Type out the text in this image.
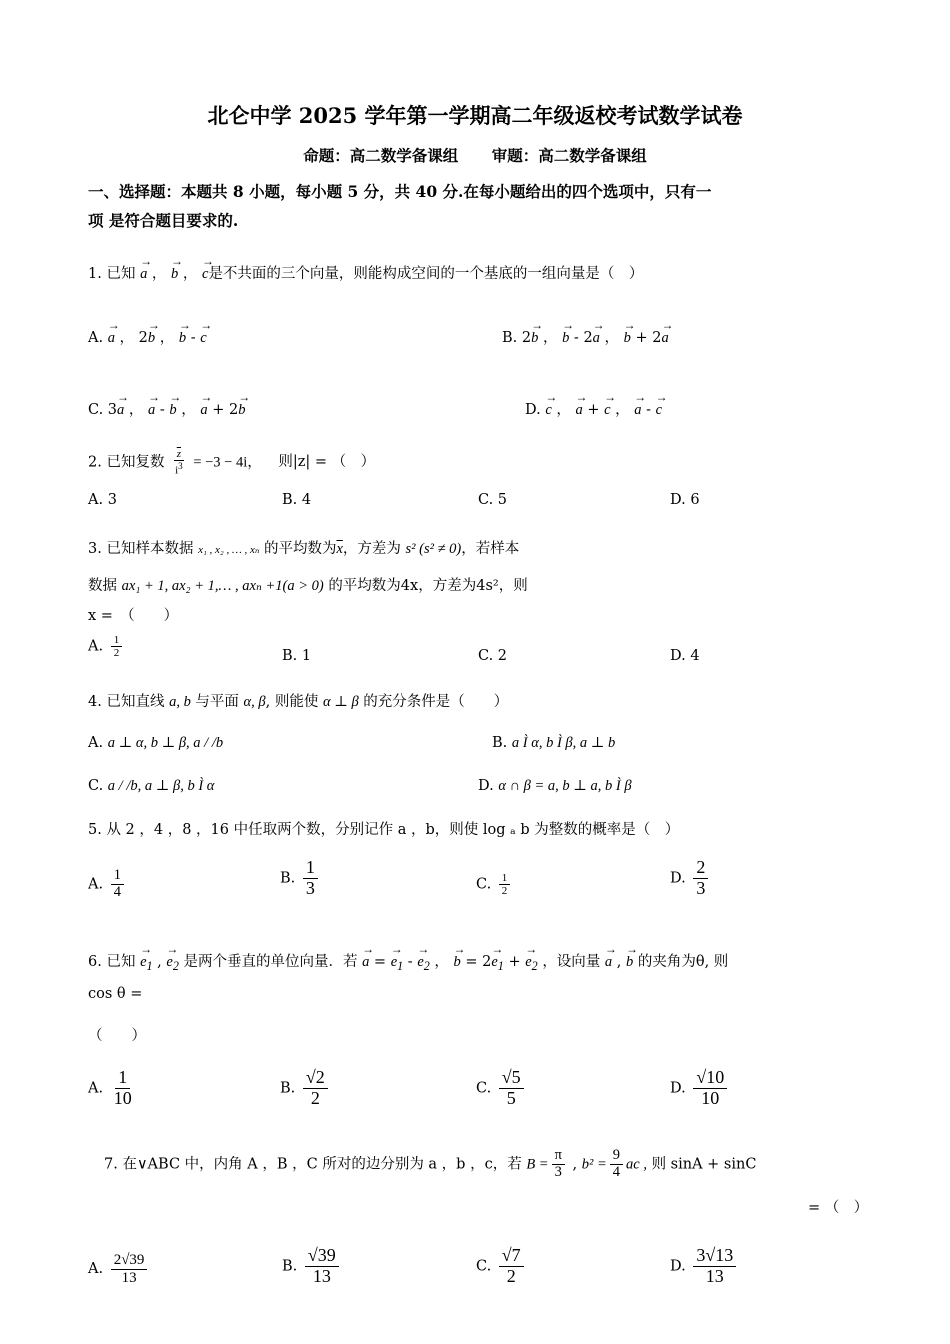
北仑中学 2025 学年第一学期高二年级返校考试数学试卷
命题：高二数学备课组 审题：高二数学备课组
一、选择题：本题共 8 小题，每小题 5 分，共 40 分.在每小题给出的四个选项中，只有一
项 是符合题目要求的.
1. 已知 → a ， → b ， → c是不共面的三个向量，则能构成空间的一个基底的一组向量是（　）
A. → a ， 2→ b ， → b - → c	B. 2→ b ， → b - 2→ a ， → b + 2→ a
C. 3→ a ， → a - → b ， → a + 2→ b	D. → c ， → a + → c ， → a - → c
2. 已知复数 $\frac{\overline{z}}{i^3} = -3 - 4i$， 则|z| = （　）
A. 3	B. 4	C. 5	D. 6
3. 已知样本数据 x₁ , x₂ , … , xₙ 的平均数为$\overline{x}$，方差为 s² (s² ≠ 0)，若样本
数据 ax₁ + 1, ax₂ + 1,… , axₙ +1(a > 0) 的平均数为4x，方差为4s²，则
x =　（　　）
A. $\frac{1}{2}$	B. 1	C. 2	D. 4
4. 已知直线 a, b 与平面 α, β, 则能使 α ⊥ β 的充分条件是（　　）
A. a ⊥ α, b ⊥ β, a / /b	B. a Ì α, b Ì β, a ⊥ b
C. a / /b, a ⊥ β, b Ì α	D. α ∩ β = a, b ⊥ a, b Ì β
5. 从 2 ，4 ，8 ，16 中任取两个数，分别记作 a ，b，则使 log ₐ b 为整数的概率是（　）
A. $\frac{1}{4}$	B. $\frac{1}{3}$	C. $\frac{1}{2}$	D. $\frac{2}{3}$
6. 已知 → $e_1$ , → $e_2$ 是两个垂直的单位向量．若 → a = → $e_1$ - → $e_2$ ， → $b = 2\to e_1$ + → $e_2$ ，设向量 → a , → b 的夹角为θ, 则
cos θ =
（　　）
A. $\frac{1}{10}$	B. $\frac{√2}{2}$	C. $\frac{√5}{5}$	D. $\frac{√10}{10}$
7. 在∨ABC 中，内角 A ，B ，C 所对的边分别为 a ，b ，c，若 $B = \frac{\pi}{3}$ , $b^2 = \frac{9}{4}$ ac , 则 sinA + sinC
= （　）
A. $\frac{2√39}{13}$	B. $\frac{√39}{13}$	C. $\frac{√7}{2}$	D. $\frac{3√13}{13}$
